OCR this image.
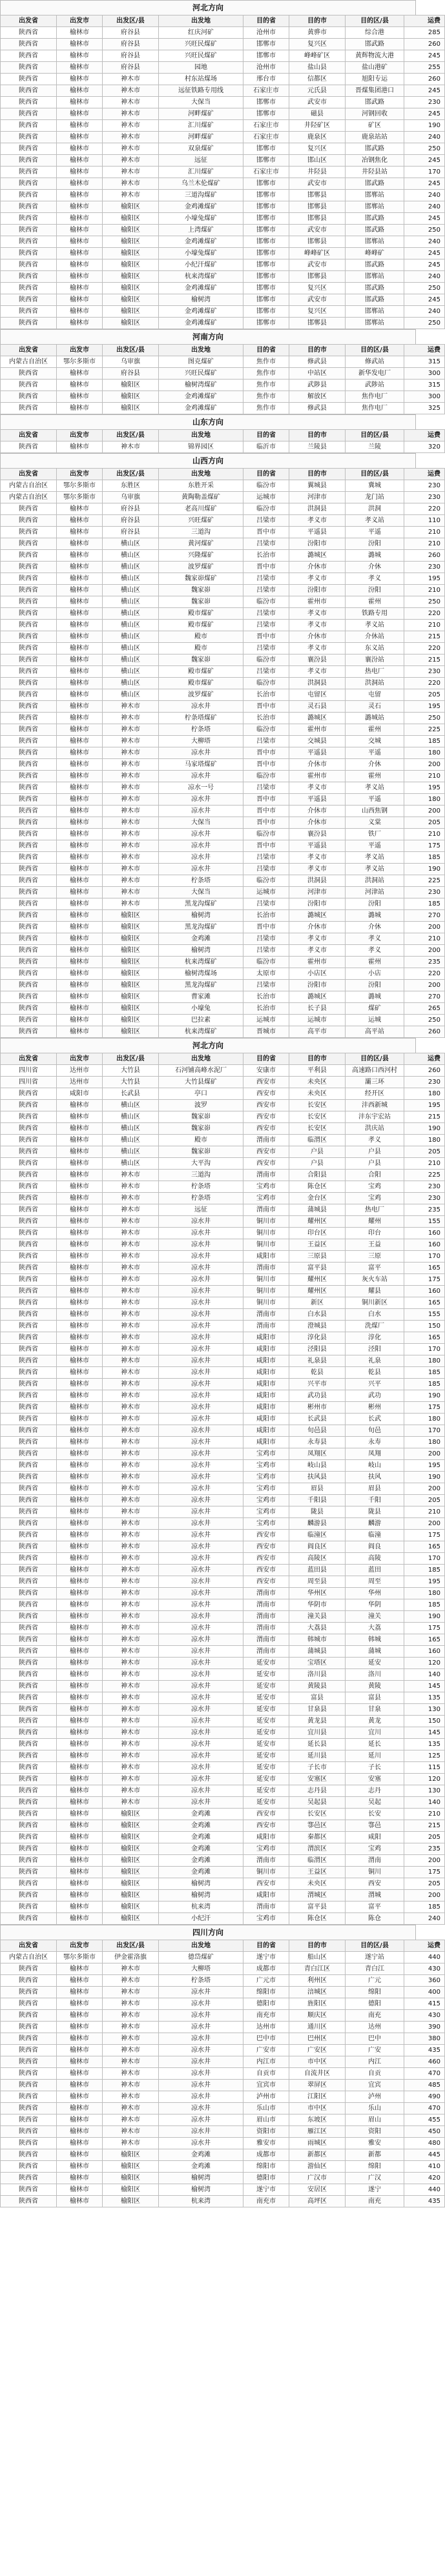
河北方向
出发省	出发市	出发区/县	出发地	目的省	目的市	目的区/县	运费
陕西省	榆林市	府谷县	红庆河矿	沧州市	黄骅市	综合港	285
陕西省	榆林市	府谷县	兴旺民煤矿	邯郸市	复兴区	邯武路	260
陕西省	榆林市	府谷县	兴旺民煤矿	邯郸市	峰峰矿区	黄辉物流大港	245
陕西省	榆林市	府谷县	园地	沧州市	盐山县	盐山港矿	255
陕西省	榆林市	神木市	村东站煤场	邢台市	信都区	旭阳专运	260
陕西省	榆林市	神木市	远征铁路专用线	石家庄市	元氏县	晋煤集团港口	245
陕西省	榆林市	神木市	大保当	邯郸市	武安市	邯武路	230
陕西省	榆林市	神木市	河畔煤矿	邯郸市	磁县	河钢回收	245
陕西省	榆林市	神木市	汇川煤矿	石家庄市	井陉矿区	矿区	190
陕西省	榆林市	神木市	河畔煤矿	石家庄市	鹿泉区	鹿泉站站	240
陕西省	榆林市	神木市	双泉煤矿	邯郸市	复兴区	邯武路	250
陕西省	榆林市	神木市	远征	邯郸市	邯山区	冶钢焦化	245
陕西省	榆林市	神木市	汇川煤矿	石家庄市	井陉县	井陉县站	170
陕西省	榆林市	神木市	乌兰木伦煤矿	邯郸市	武安市	邯武路	245
陕西省	榆林市	神木市	三道沟煤矿	邯郸市	邯郸县	邯郸站	240
陕西省	榆林市	榆阳区	金鸡滩煤矿	邯郸市	邯郸县	邯郸站	240
陕西省	榆林市	榆阳区	小壕兔煤矿	邯郸市	邯郸县	邯武路	245
陕西省	榆林市	榆阳区	上湾煤矿	邯郸市	武安市	邯武路	250
陕西省	榆林市	榆阳区	金鸡滩煤矿	邯郸市	邯郸县	邯郸站	240
陕西省	榆林市	榆阳区	小壕兔煤矿	邯郸市	峰峰矿区	峰峰矿	245
陕西省	榆林市	榆阳区	小纪汗煤矿	邯郸市	武安市	邯武路	245
陕西省	榆林市	榆阳区	杭来湾煤矿	邯郸市	邯郸县	邯郸站	240
陕西省	榆林市	榆阳区	金鸡滩煤矿	邯郸市	复兴区	邯武路	250
陕西省	榆林市	榆阳区	榆树湾	邯郸市	武安市	邯武路	245
陕西省	榆林市	榆阳区	金鸡滩煤矿	邯郸市	复兴区	邯郸站	240
陕西省	榆林市	榆阳区	金鸡滩煤矿	邯郸市	邯郸县	邯郸站	250
河南方向
出发省	出发市	出发区/县	出发地	目的省	目的市	目的区/县	运费
内蒙古自治区	鄂尔多斯市	乌审旗	图克煤矿	焦作市	修武县	修武站	315
陕西省	榆林市	府谷县	兴旺民煤矿	焦作市	中站区	新华发电厂	300
陕西省	榆林市	榆阳区	榆树湾煤矿	焦作市	武陟县	武陟站	315
陕西省	榆林市	榆阳区	金鸡滩煤矿	焦作市	解放区	焦作电厂	300
陕西省	榆林市	榆阳区	金鸡滩煤矿	焦作市	修武县	焦作电厂	325
山东方向
出发省	出发市	出发区/县	出发地	目的省	目的市	目的区/县	运费
陕西省	榆林市	神木市	锦界园区	临沂市	兰陵县	兰陵	320
山西方向
出发省	出发市	出发区/县	出发地	目的省	目的市	目的区/县	运费
内蒙古自治区	鄂尔多斯市	东胜区	东胜开采	临汾市	翼城县	冀城	230
内蒙古自治区	鄂尔多斯市	乌审旗	黄陶勒盖煤矿	运城市	河津市	龙门站	230
陕西省	榆林市	府谷县	老高川煤矿	临汾市	洪洞县	洪洞	220
陕西省	榆林市	府谷县	兴旺煤矿	吕梁市	孝义市	孝义站	110
陕西省	榆林市	府谷县	三道沟	晋中市	平遥县	平遥	210
陕西省	榆林市	横山区	黄河煤矿	吕梁市	汾阳市	汾阳	210
陕西省	榆林市	横山区	兴隆煤矿	长治市	潞城区	潞城	260
陕西省	榆林市	横山区	波罗煤矿	晋中市	介休市	介休	230
陕西省	榆林市	横山区	魏家峁煤矿	吕梁市	孝义市	孝义	195
陕西省	榆林市	横山区	魏家峁	吕梁市	汾阳市	汾阳	210
陕西省	榆林市	横山区	魏家峁	临汾市	霍州市	霍州	250
陕西省	榆林市	横山区	殿市煤矿	吕梁市	孝义市	铁路专用	220
陕西省	榆林市	横山区	殿市煤矿	吕梁市	孝义市	孝义站	210
陕西省	榆林市	横山区	殿市	晋中市	介休市	介休站	215
陕西省	榆林市	横山区	殿市	吕梁市	孝义市	东义站	220
陕西省	榆林市	横山区	魏家峁	临汾市	襄汾县	襄汾站	215
陕西省	榆林市	横山区	殿市煤矿	吕梁市	孝义市	热电厂	230
陕西省	榆林市	横山区	殿市煤矿	临汾市	洪洞县	洪洞站	220
陕西省	榆林市	横山区	波罗煤矿	长治市	屯留区	屯留	205
陕西省	榆林市	神木市	凉水井	晋中市	灵石县	灵石	195
陕西省	榆林市	神木市	柠条塔煤矿	长治市	潞城区	潞城站	250
陕西省	榆林市	神木市	柠条塔	临汾市	霍州市	霍州	225
陕西省	榆林市	神木市	大柳塔	吕梁市	交城县	交城	185
陕西省	榆林市	神木市	凉水井	晋中市	平遥县	平遥	180
陕西省	榆林市	神木市	马家塔煤矿	晋中市	介休市	介休	200
陕西省	榆林市	神木市	凉水井	临汾市	霍州市	霍州	210
陕西省	榆林市	神木市	凉水一号	吕梁市	孝义市	孝义站	195
陕西省	榆林市	神木市	凉水井	晋中市	平遥县	平遥	180
陕西省	榆林市	神木市	凉水井	晋中市	介休市	山西焦钢	200
陕西省	榆林市	神木市	大保当	晋中市	介休市	义棠	205
陕西省	榆林市	神木市	凉水井	临汾市	襄汾县	铁厂	210
陕西省	榆林市	神木市	凉水井	晋中市	平遥县	平遥	175
陕西省	榆林市	神木市	凉水井	吕梁市	孝义市	孝义站	185
陕西省	榆林市	神木市	凉水井	吕梁市	孝义市	孝义站	190
陕西省	榆林市	神木市	柠条塔	临汾市	洪洞县	洪洞站	225
陕西省	榆林市	神木市	大保当	运城市	河津市	河津站	230
陕西省	榆林市	神木市	黑龙沟煤矿	吕梁市	汾阳市	汾阳	185
陕西省	榆林市	榆阳区	榆树湾	长治市	潞城区	潞城	270
陕西省	榆林市	榆阳区	黑龙沟煤矿	晋中市	介休市	介休	200
陕西省	榆林市	榆阳区	金鸡滩	吕梁市	孝义市	孝义	210
陕西省	榆林市	榆阳区	榆树湾	吕梁市	孝义市	孝义	200
陕西省	榆林市	榆阳区	杭来湾煤矿	临汾市	霍州市	霍州	235
陕西省	榆林市	榆阳区	榆树湾煤场	太原市	小店区	小店	220
陕西省	榆林市	榆阳区	黑龙沟煤矿	吕梁市	汾阳市	汾阳	200
陕西省	榆林市	榆阳区	曹家滩	长治市	潞城区	潞城	270
陕西省	榆林市	榆阳区	小壕兔	长治市	长子县	煤矿	265
陕西省	榆林市	榆阳区	巴拉素	运城市	运城市	运城	250
陕西省	榆林市	榆阳区	杭来湾煤矿	晋城市	高平市	高平站	260
河北方向
出发省	出发市	出发区/县	出发地	目的省	目的市	目的区/县	运费
四川省	达州市	大竹县	石河铺高峰水泥厂	安康市	平利县	高速路口西河村	260
四川省	达州市	大竹县	大竹县煤矿	西安市	未央区	灞三环	230
陕西省	咸阳市	长武县	亭口	西安市	未央区	经开区	180
陕西省	榆林市	横山区	波罗	西安市	长安区	沣西新城	195
陕西省	榆林市	横山区	魏家峁	西安市	长安区	沣东宇宏站	215
陕西省	榆林市	横山区	魏家峁	西安市	长安区	洪庆站	190
陕西省	榆林市	横山区	殿市	渭南市	临渭区	孝义	180
陕西省	榆林市	横山区	魏家峁	西安市	户县	户县	205
陕西省	榆林市	横山区	大平沟	西安市	户县	户县	210
陕西省	榆林市	神木市	三道沟	渭南市	合阳县	合阳	225
陕西省	榆林市	神木市	柠条塔	宝鸡市	陈仓区	宝鸡	230
陕西省	榆林市	神木市	柠条塔	宝鸡市	金台区	宝鸡	230
陕西省	榆林市	神木市	远征	渭南市	蒲城县	热电厂	235
陕西省	榆林市	神木市	凉水井	铜川市	耀州区	耀州	155
陕西省	榆林市	神木市	凉水井	铜川市	印台区	印台	160
陕西省	榆林市	神木市	凉水井	铜川市	王益区	王益	160
陕西省	榆林市	神木市	凉水井	咸阳市	三原县	三原	170
陕西省	榆林市	神木市	凉水井	渭南市	富平县	富平	165
陕西省	榆林市	神木市	凉水井	铜川市	耀州区	灰火车站	175
陕西省	榆林市	神木市	凉水井	铜川市	耀州区	耀县	160
陕西省	榆林市	神木市	凉水井	铜川市	新区	铜川新区	165
陕西省	榆林市	神木市	凉水井	渭南市	白水县	白水	155
陕西省	榆林市	神木市	凉水井	渭南市	澄城县	洗煤厂	150
陕西省	榆林市	神木市	凉水井	咸阳市	淳化县	淳化	165
陕西省	榆林市	神木市	凉水井	咸阳市	泾阳县	泾阳	170
陕西省	榆林市	神木市	凉水井	咸阳市	礼泉县	礼泉	180
陕西省	榆林市	神木市	凉水井	咸阳市	乾县	乾县	185
陕西省	榆林市	神木市	凉水井	咸阳市	兴平市	兴平	185
陕西省	榆林市	神木市	凉水井	咸阳市	武功县	武功	190
陕西省	榆林市	神木市	凉水井	咸阳市	彬州市	彬州	175
陕西省	榆林市	神木市	凉水井	咸阳市	长武县	长武	180
陕西省	榆林市	神木市	凉水井	咸阳市	旬邑县	旬邑	170
陕西省	榆林市	神木市	凉水井	咸阳市	永寿县	永寿	180
陕西省	榆林市	神木市	凉水井	宝鸡市	凤翔区	凤翔	200
陕西省	榆林市	神木市	凉水井	宝鸡市	岐山县	岐山	195
陕西省	榆林市	神木市	凉水井	宝鸡市	扶风县	扶风	190
陕西省	榆林市	神木市	凉水井	宝鸡市	眉县	眉县	200
陕西省	榆林市	神木市	凉水井	宝鸡市	千阳县	千阳	205
陕西省	榆林市	神木市	凉水井	宝鸡市	陇县	陇县	210
陕西省	榆林市	神木市	凉水井	宝鸡市	麟游县	麟游	200
陕西省	榆林市	神木市	凉水井	西安市	临潼区	临潼	175
陕西省	榆林市	神木市	凉水井	西安市	阎良区	阎良	165
陕西省	榆林市	神木市	凉水井	西安市	高陵区	高陵	170
陕西省	榆林市	神木市	凉水井	西安市	蓝田县	蓝田	185
陕西省	榆林市	神木市	凉水井	西安市	周至县	周至	195
陕西省	榆林市	神木市	凉水井	渭南市	华州区	华州	180
陕西省	榆林市	神木市	凉水井	渭南市	华阴市	华阴	185
陕西省	榆林市	神木市	凉水井	渭南市	潼关县	潼关	190
陕西省	榆林市	神木市	凉水井	渭南市	大荔县	大荔	175
陕西省	榆林市	神木市	凉水井	渭南市	韩城市	韩城	165
陕西省	榆林市	神木市	凉水井	渭南市	蒲城县	蒲城	160
陕西省	榆林市	神木市	凉水井	延安市	宝塔区	延安	120
陕西省	榆林市	神木市	凉水井	延安市	洛川县	洛川	140
陕西省	榆林市	神木市	凉水井	延安市	黄陵县	黄陵	145
陕西省	榆林市	神木市	凉水井	延安市	富县	富县	135
陕西省	榆林市	神木市	凉水井	延安市	甘泉县	甘泉	130
陕西省	榆林市	神木市	凉水井	延安市	黄龙县	黄龙	150
陕西省	榆林市	神木市	凉水井	延安市	宜川县	宜川	145
陕西省	榆林市	神木市	凉水井	延安市	延长县	延长	135
陕西省	榆林市	神木市	凉水井	延安市	延川县	延川	125
陕西省	榆林市	神木市	凉水井	延安市	子长市	子长	115
陕西省	榆林市	神木市	凉水井	延安市	安塞区	安塞	120
陕西省	榆林市	神木市	凉水井	延安市	志丹县	志丹	130
陕西省	榆林市	神木市	凉水井	延安市	吴起县	吴起	140
陕西省	榆林市	榆阳区	金鸡滩	西安市	长安区	长安	210
陕西省	榆林市	榆阳区	金鸡滩	西安市	鄠邑区	鄠邑	215
陕西省	榆林市	榆阳区	金鸡滩	咸阳市	秦都区	咸阳	205
陕西省	榆林市	榆阳区	金鸡滩	宝鸡市	渭滨区	宝鸡	235
陕西省	榆林市	榆阳区	金鸡滩	渭南市	临渭区	渭南	200
陕西省	榆林市	榆阳区	金鸡滩	铜川市	王益区	铜川	175
陕西省	榆林市	榆阳区	榆树湾	西安市	未央区	西安	205
陕西省	榆林市	榆阳区	榆树湾	咸阳市	渭城区	渭城	200
陕西省	榆林市	榆阳区	杭来湾	渭南市	富平县	富平	185
陕西省	榆林市	榆阳区	小纪汗	宝鸡市	陈仓区	陈仓	240
四川方向
出发省	出发市	出发区/县	出发地	目的省	目的市	目的区/县	运费
内蒙古自治区	鄂尔多斯市	伊金霍洛旗	德岱煤矿	遂宁市	船山区	遂宁站	440
陕西省	榆林市	神木市	大柳塔	成都市	青白江区	青白江	430
陕西省	榆林市	神木市	柠条塔	广元市	利州区	广元	360
陕西省	榆林市	神木市	凉水井	绵阳市	涪城区	绵阳	400
陕西省	榆林市	神木市	凉水井	德阳市	旌阳区	德阳	415
陕西省	榆林市	神木市	凉水井	南充市	顺庆区	南充	430
陕西省	榆林市	神木市	凉水井	达州市	通川区	达州	390
陕西省	榆林市	神木市	凉水井	巴中市	巴州区	巴中	380
陕西省	榆林市	神木市	凉水井	广安市	广安区	广安	435
陕西省	榆林市	神木市	凉水井	内江市	市中区	内江	460
陕西省	榆林市	神木市	凉水井	自贡市	自流井区	自贡	470
陕西省	榆林市	神木市	凉水井	宜宾市	翠屏区	宜宾	485
陕西省	榆林市	神木市	凉水井	泸州市	江阳区	泸州	490
陕西省	榆林市	神木市	凉水井	乐山市	市中区	乐山	470
陕西省	榆林市	神木市	凉水井	眉山市	东坡区	眉山	455
陕西省	榆林市	神木市	凉水井	资阳市	雁江区	资阳	450
陕西省	榆林市	神木市	凉水井	雅安市	雨城区	雅安	480
陕西省	榆林市	榆阳区	金鸡滩	成都市	新都区	新都	445
陕西省	榆林市	榆阳区	金鸡滩	绵阳市	游仙区	绵阳	410
陕西省	榆林市	榆阳区	榆树湾	德阳市	广汉市	广汉	420
陕西省	榆林市	榆阳区	榆树湾	遂宁市	安居区	遂宁	440
陕西省	榆林市	榆阳区	杭来湾	南充市	高坪区	南充	435
